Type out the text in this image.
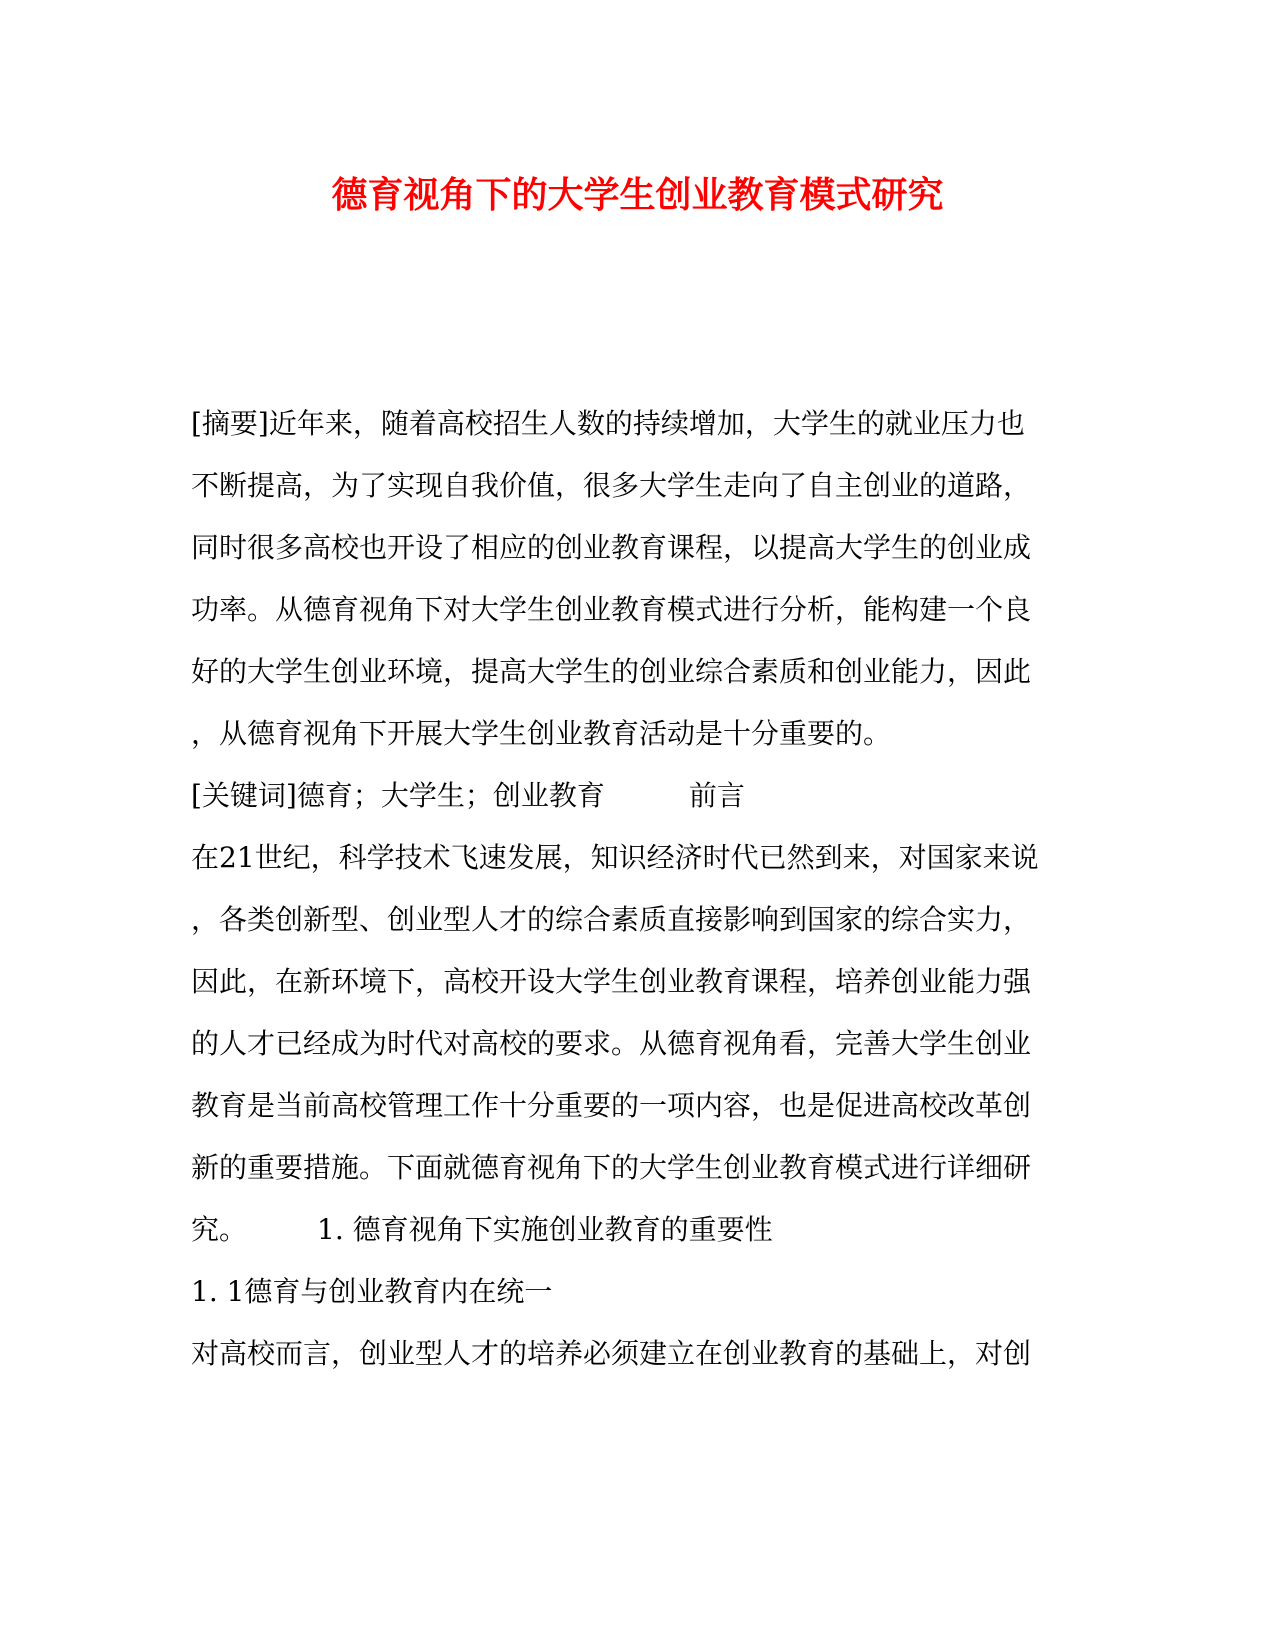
德育视角下的大学生创业教育模式研究
[摘要]近年来，随着高校招生人数的持续增加，大学生的就业压力也
不断提高，为了实现自我价值，很多大学生走向了自主创业的道路，
同时很多高校也开设了相应的创业教育课程，以提高大学生的创业成
功率。从德育视角下对大学生创业教育模式进行分析，能构建一个良
好的大学生创业环境，提高大学生的创业综合素质和创业能力，因此
，从德育视角下开展大学生创业教育活动是十分重要的。
[关键词]德育；大学生；创业教育　　　前言
在21世纪，科学技术飞速发展，知识经济时代已然到来，对国家来说
，各类创新型、创业型人才的综合素质直接影响到国家的综合实力，
因此，在新环境下，高校开设大学生创业教育课程，培养创业能力强
的人才已经成为时代对高校的要求。从德育视角看，完善大学生创业
教育是当前高校管理工作十分重要的一项内容，也是促进高校改革创
新的重要措施。下面就德育视角下的大学生创业教育模式进行详细研
究。　　　1. 德育视角下实施创业教育的重要性
1. 1德育与创业教育内在统一
对高校而言，创业型人才的培养必须建立在创业教育的基础上，对创
